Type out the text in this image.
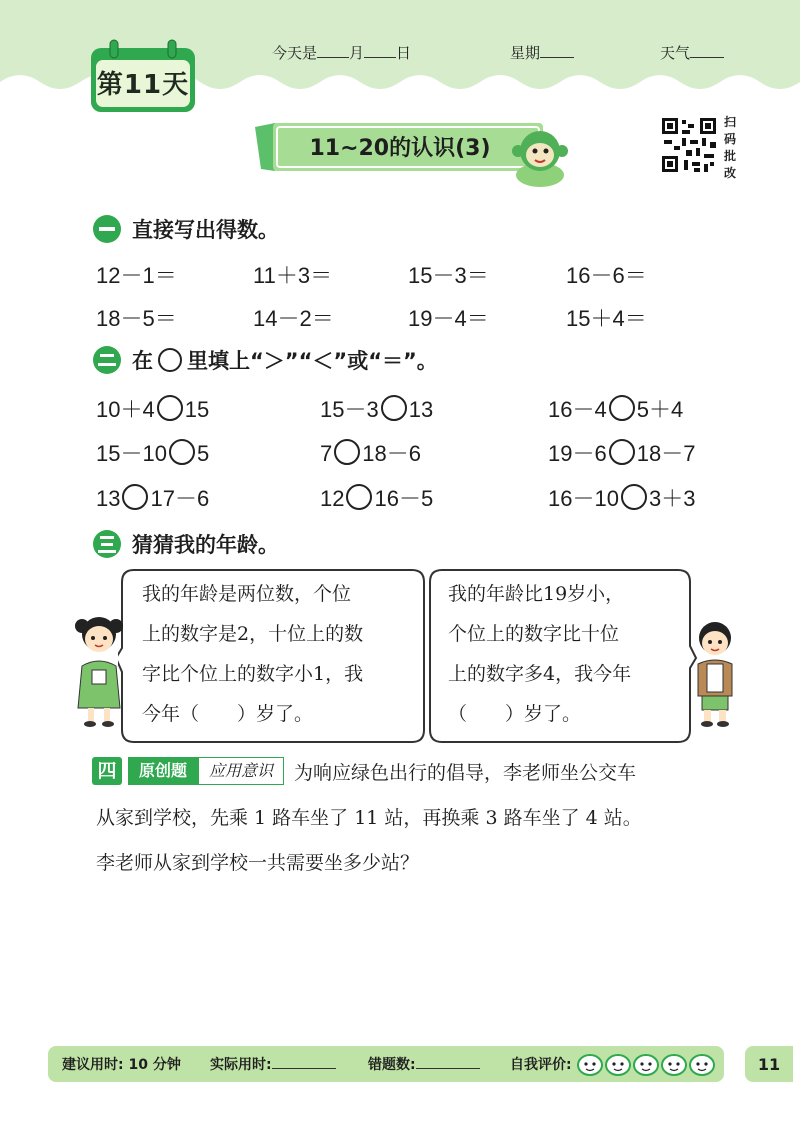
第11天
今天是 月 日	星期	天气
11~20的认识(3)
扫
码
批
改
直接写出得数。
12－1＝	11＋3＝	15－3＝	16－6＝
18－5＝	14－2＝	19－4＝	15＋4＝
在 里填上“＞”“＜”或“＝”。
10＋4 15	15－3 13	16－4 5＋4
15－10 5	7 18－6	19－6 18－7
13 17－6	12 16－5	16－10 3＋3
猜猜我的年龄。
我的年龄是两位数，个位
上的数字是2，十位上的数
字比个位上的数字小1，我
今年（　　）岁了。
我的年龄比19岁小，
个位上的数字比十位
上的数字多4，我今年
（　　）岁了。
四	原创题	应用意识	为响应绿色出行的倡导，李老师坐公交车
从家到学校，先乘 1 路车坐了 11 站，再换乘 3 路车坐了 4 站。
李老师从家到学校一共需要坐多少站？
建议用时: 10 分钟 实际用时:	错题数:	自我评价:	11
